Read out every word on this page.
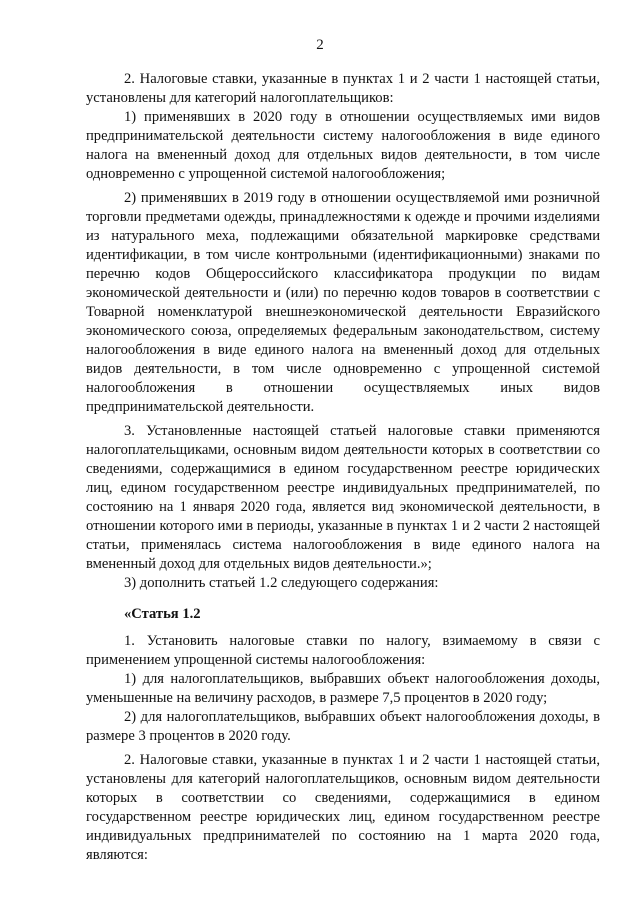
2

2. Налоговые ставки, указанные в пунктах 1 и 2 части 1 настоящей статьи, установлены для категорий налогоплательщиков:

1) применявших в 2020 году в отношении осуществляемых ими видов предпринимательской деятельности систему налогообложения в виде единого налога на вмененный доход для отдельных видов деятельности, в том числе одновременно с упрощенной системой налогообложения;

2) применявших в 2019 году в отношении осуществляемой ими розничной торговли предметами одежды, принадлежностями к одежде и прочими изделиями из натурального меха, подлежащими обязательной маркировке средствами идентификации, в том числе контрольными (идентификационными) знаками по перечню кодов Общероссийского классификатора продукции по видам экономической деятельности и (или) по перечню кодов товаров в соответствии с Товарной номенклатурой внешнеэкономической деятельности Евразийского экономического союза, определяемых федеральным законодательством, систему налогообложения в виде единого налога на вмененный доход для отдельных видов деятельности, в том числе одновременно с упрощенной системой налогообложения в отношении осуществляемых иных видов предпринимательской деятельности.

3. Установленные настоящей статьей налоговые ставки применяются налогоплательщиками, основным видом деятельности которых в соответствии со сведениями, содержащимися в едином государственном реестре юридических лиц, едином государственном реестре индивидуальных предпринимателей, по состоянию на 1 января 2020 года, является вид экономической деятельности, в отношении которого ими в периоды, указанные в пунктах 1 и 2 части 2 настоящей статьи, применялась система налогообложения в виде единого налога на вмененный доход для отдельных видов деятельности.»;

3) дополнить статьей 1.2 следующего содержания:

«Статья 1.2

1. Установить налоговые ставки по налогу, взимаемому в связи с применением упрощенной системы налогообложения:

1) для налогоплательщиков, выбравших объект налогообложения доходы, уменьшенные на величину расходов, в размере 7,5 процентов в 2020 году;

2) для налогоплательщиков, выбравших объект налогообложения доходы, в размере 3 процентов в 2020 году.

2. Налоговые ставки, указанные в пунктах 1 и 2 части 1 настоящей статьи, установлены для категорий налогоплательщиков, основным видом деятельности которых в соответствии со сведениями, содержащимися в едином государственном реестре юридических лиц, едином государственном реестре индивидуальных предпринимателей по состоянию на 1 марта 2020 года, являются:
